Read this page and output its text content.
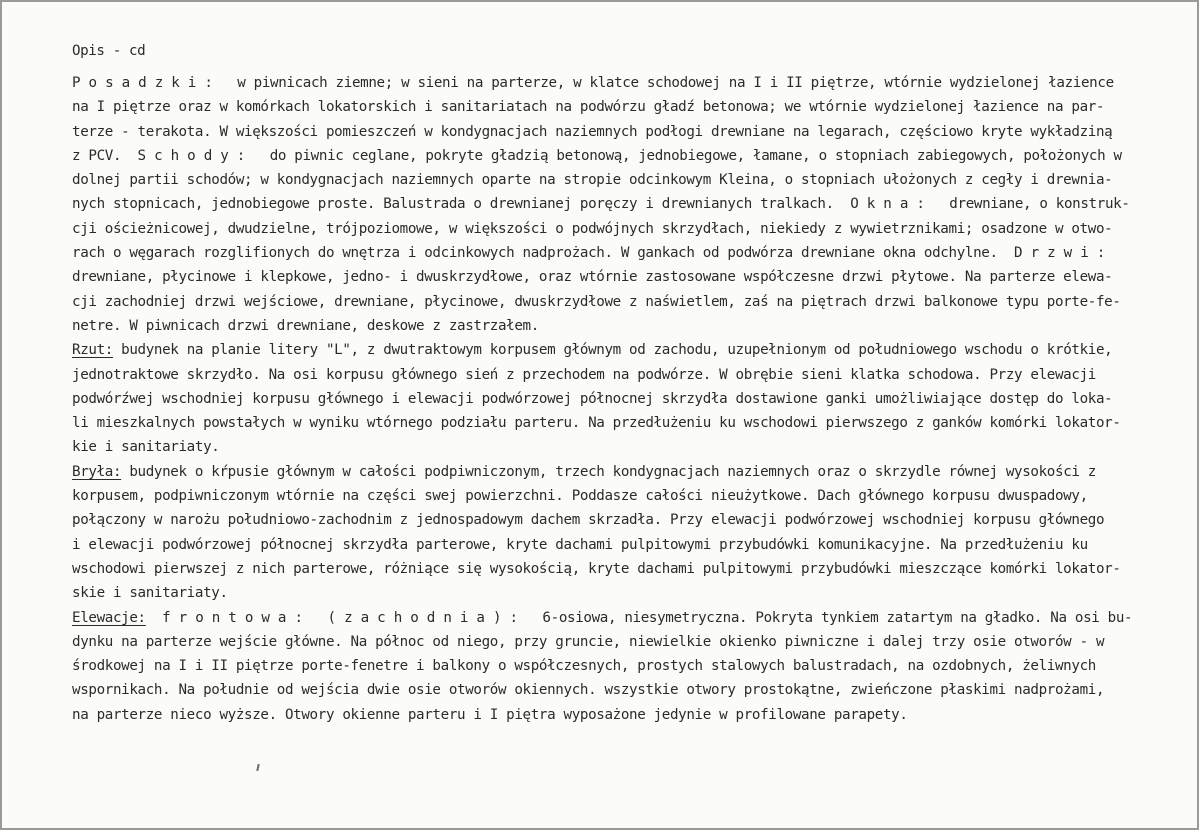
Opis - cd
Posadzki:  w piwnicach ziemne; w sieni na parterze, w klatce schodowej na I i II piętrze, wtórnie wydzielonej łazience
na I piętrze oraz w komórkach lokatorskich i sanitariatach na podwórzu gładź betonowa; we wtórnie wydzielonej łazience na par-
terze - terakota. W większości pomieszczeń w kondygnacjach naziemnych podłogi drewniane na legarach, częściowo kryte wykładziną
z PCV.  Schody:  do piwnic ceglane, pokryte gładzią betonową, jednobiegowe, łamane, o stopniach zabiegowych, położonych w
dolnej partii schodów; w kondygnacjach naziemnych oparte na stropie odcinkowym Kleina, o stopniach ułożonych z cegły i drewnia-
nych stopnicach, jednobiegowe proste. Balustrada o drewnianej poręczy i drewnianych tralkach.  Okna:  drewniane, o konstruk-
cji ościeżnicowej, dwudzielne, trójpoziomowe, w większości o podwójnych skrzydłach, niekiedy z wywietrznikami; osadzone w otwo-
rach o węgarach rozglifionych do wnętrza i odcinkowych nadprożach. W gankach od podwórza drewniane okna odchylne.  Drzwi:
drewniane, płycinowe i klepkowe, jedno- i dwuskrzydłowe, oraz wtórnie zastosowane współczesne drzwi płytowe. Na parterze elewa-
cji zachodniej drzwi wejściowe, drewniane, płycinowe, dwuskrzydłowe z naświetlem, zaś na piętrach drzwi balkonowe typu porte-fe-
netre. W piwnicach drzwi drewniane, deskowe z zastrzałem.
Rzut: budynek na planie litery "L", z dwutraktowym korpusem głównym od zachodu, uzupełnionym od południowego wschodu o krótkie,
jednotraktowe skrzydło. Na osi korpusu głównego sień z przechodem na podwórze. W obrębie sieni klatka schodowa. Przy elewacji
podwórźwej wschodniej korpusu głównego i elewacji podwórzowej północnej skrzydła dostawione ganki umożliwiające dostęp do loka-
li mieszkalnych powstałych w wyniku wtórnego podziału parteru. Na przedłużeniu ku wschodowi pierwszego z ganków komórki lokator-
kie i sanitariaty.
Bryła: budynek o kŕpusie głównym w całości podpiwniczonym, trzech kondygnacjach naziemnych oraz o skrzydle równej wysokości z
korpusem, podpiwniczonym wtórnie na części swej powierzchni. Poddasze całości nieużytkowe. Dach głównego korpusu dwuspadowy,
połączony w narożu południowo-zachodnim z jednospadowym dachem skrzadła. Przy elewacji podwórzowej wschodniej korpusu głównego
i elewacji podwórzowej północnej skrzydła parterowe, kryte dachami pulpitowymi przybudówki komunikacyjne. Na przedłużeniu ku
wschodowi pierwszej z nich parterowe, różniące się wysokością, kryte dachami pulpitowymi przybudówki mieszczące komórki lokator-
skie i sanitariaty.
Elewacje: frontowa: (zachodnia):  6-osiowa, niesymetryczna. Pokryta tynkiem zatartym na gładko. Na osi bu-
dynku na parterze wejście główne. Na północ od niego, przy gruncie, niewielkie okienko piwniczne i dalej trzy osie otworów - w
środkowej na I i II piętrze porte-fenetre i balkony o współczesnych, prostych stalowych balustradach, na ozdobnych, żeliwnych
wspornikach. Na południe od wejścia dwie osie otworów okiennych. wszystkie otwory prostokątne, zwieńczone płaskimi nadprożami,
na parterze nieco wyższe. Otwory okienne parteru i I piętra wyposażone jedynie w profilowane parapety.
